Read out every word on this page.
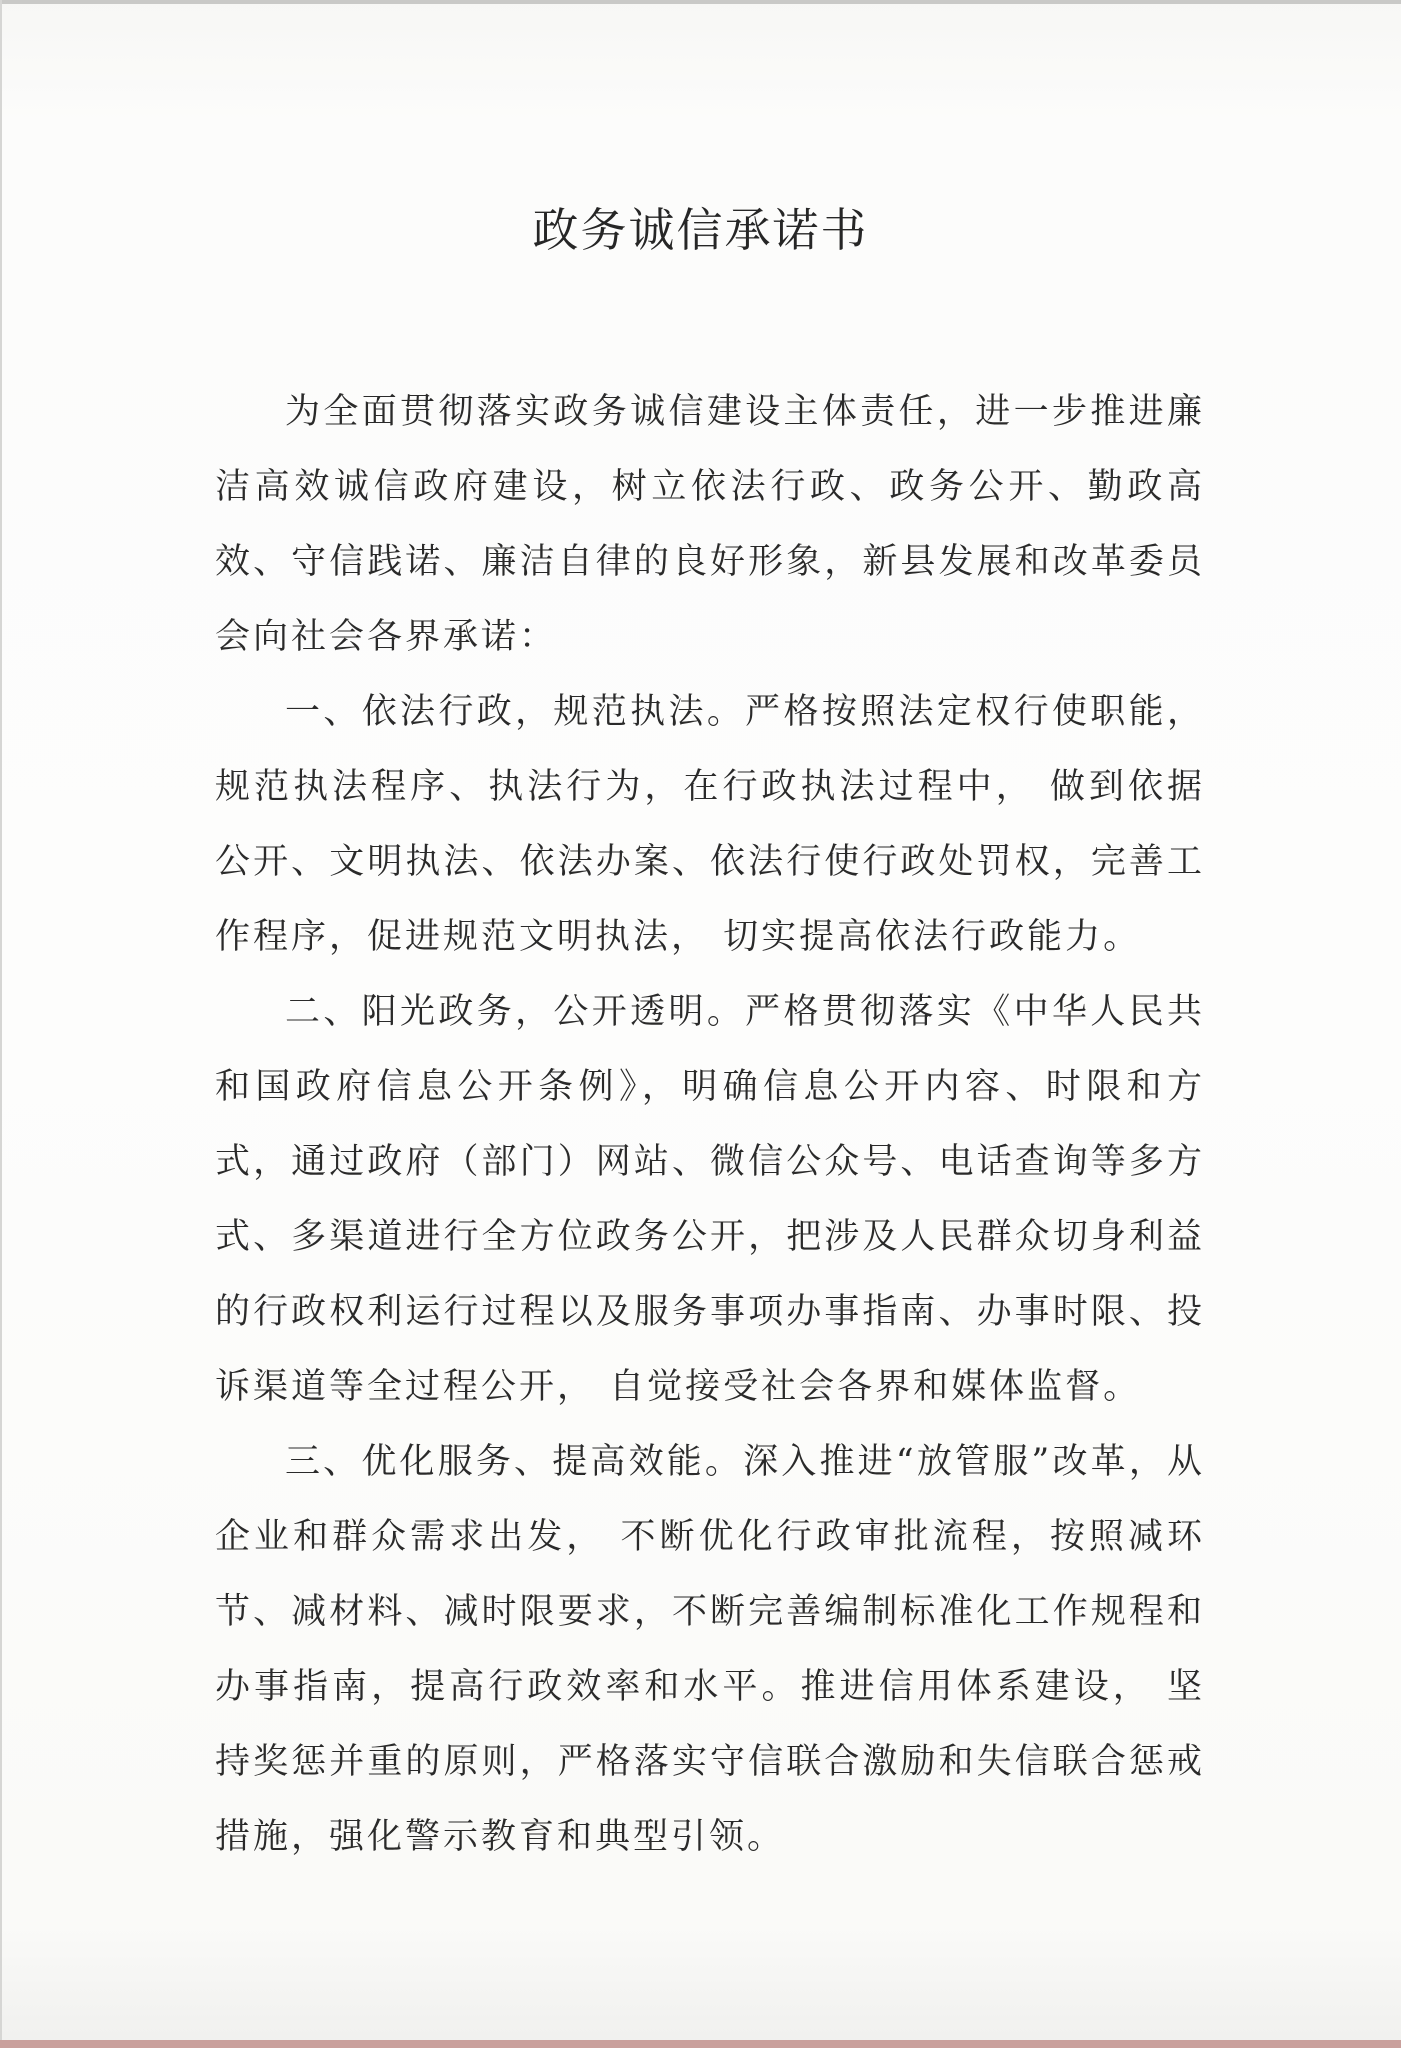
政务诚信承诺书

为全面贯彻落实政务诚信建设主体责任，进一步推进廉洁高效诚信政府建设，树立依法行政、政务公开、勤政高效、守信践诺、廉洁自律的良好形象，新县发展和改革委员会向社会各界承诺：

一、依法行政，规范执法。严格按照法定权行使职能，规范执法程序、执法行为，在行政执法过程中， 做到依据公开、文明执法、依法办案、依法行使行政处罚权，完善工作程序，促进规范文明执法， 切实提高依法行政能力。

二、阳光政务，公开透明。严格贯彻落实《中华人民共和国政府信息公开条例》，明确信息公开内容、时限和方式，通过政府（部门）网站、微信公众号、电话查询等多方式、多渠道进行全方位政务公开，把涉及人民群众切身利益的行政权利运行过程以及服务事项办事指南、办事时限、投诉渠道等全过程公开， 自觉接受社会各界和媒体监督。

三、优化服务、提高效能。深入推进“放管服”改革，从企业和群众需求出发， 不断优化行政审批流程，按照减环节、减材料、减时限要求，不断完善编制标准化工作规程和办事指南，提高行政效率和水平。推进信用体系建设， 坚持奖惩并重的原则，严格落实守信联合激励和失信联合惩戒措施，强化警示教育和典型引领。
